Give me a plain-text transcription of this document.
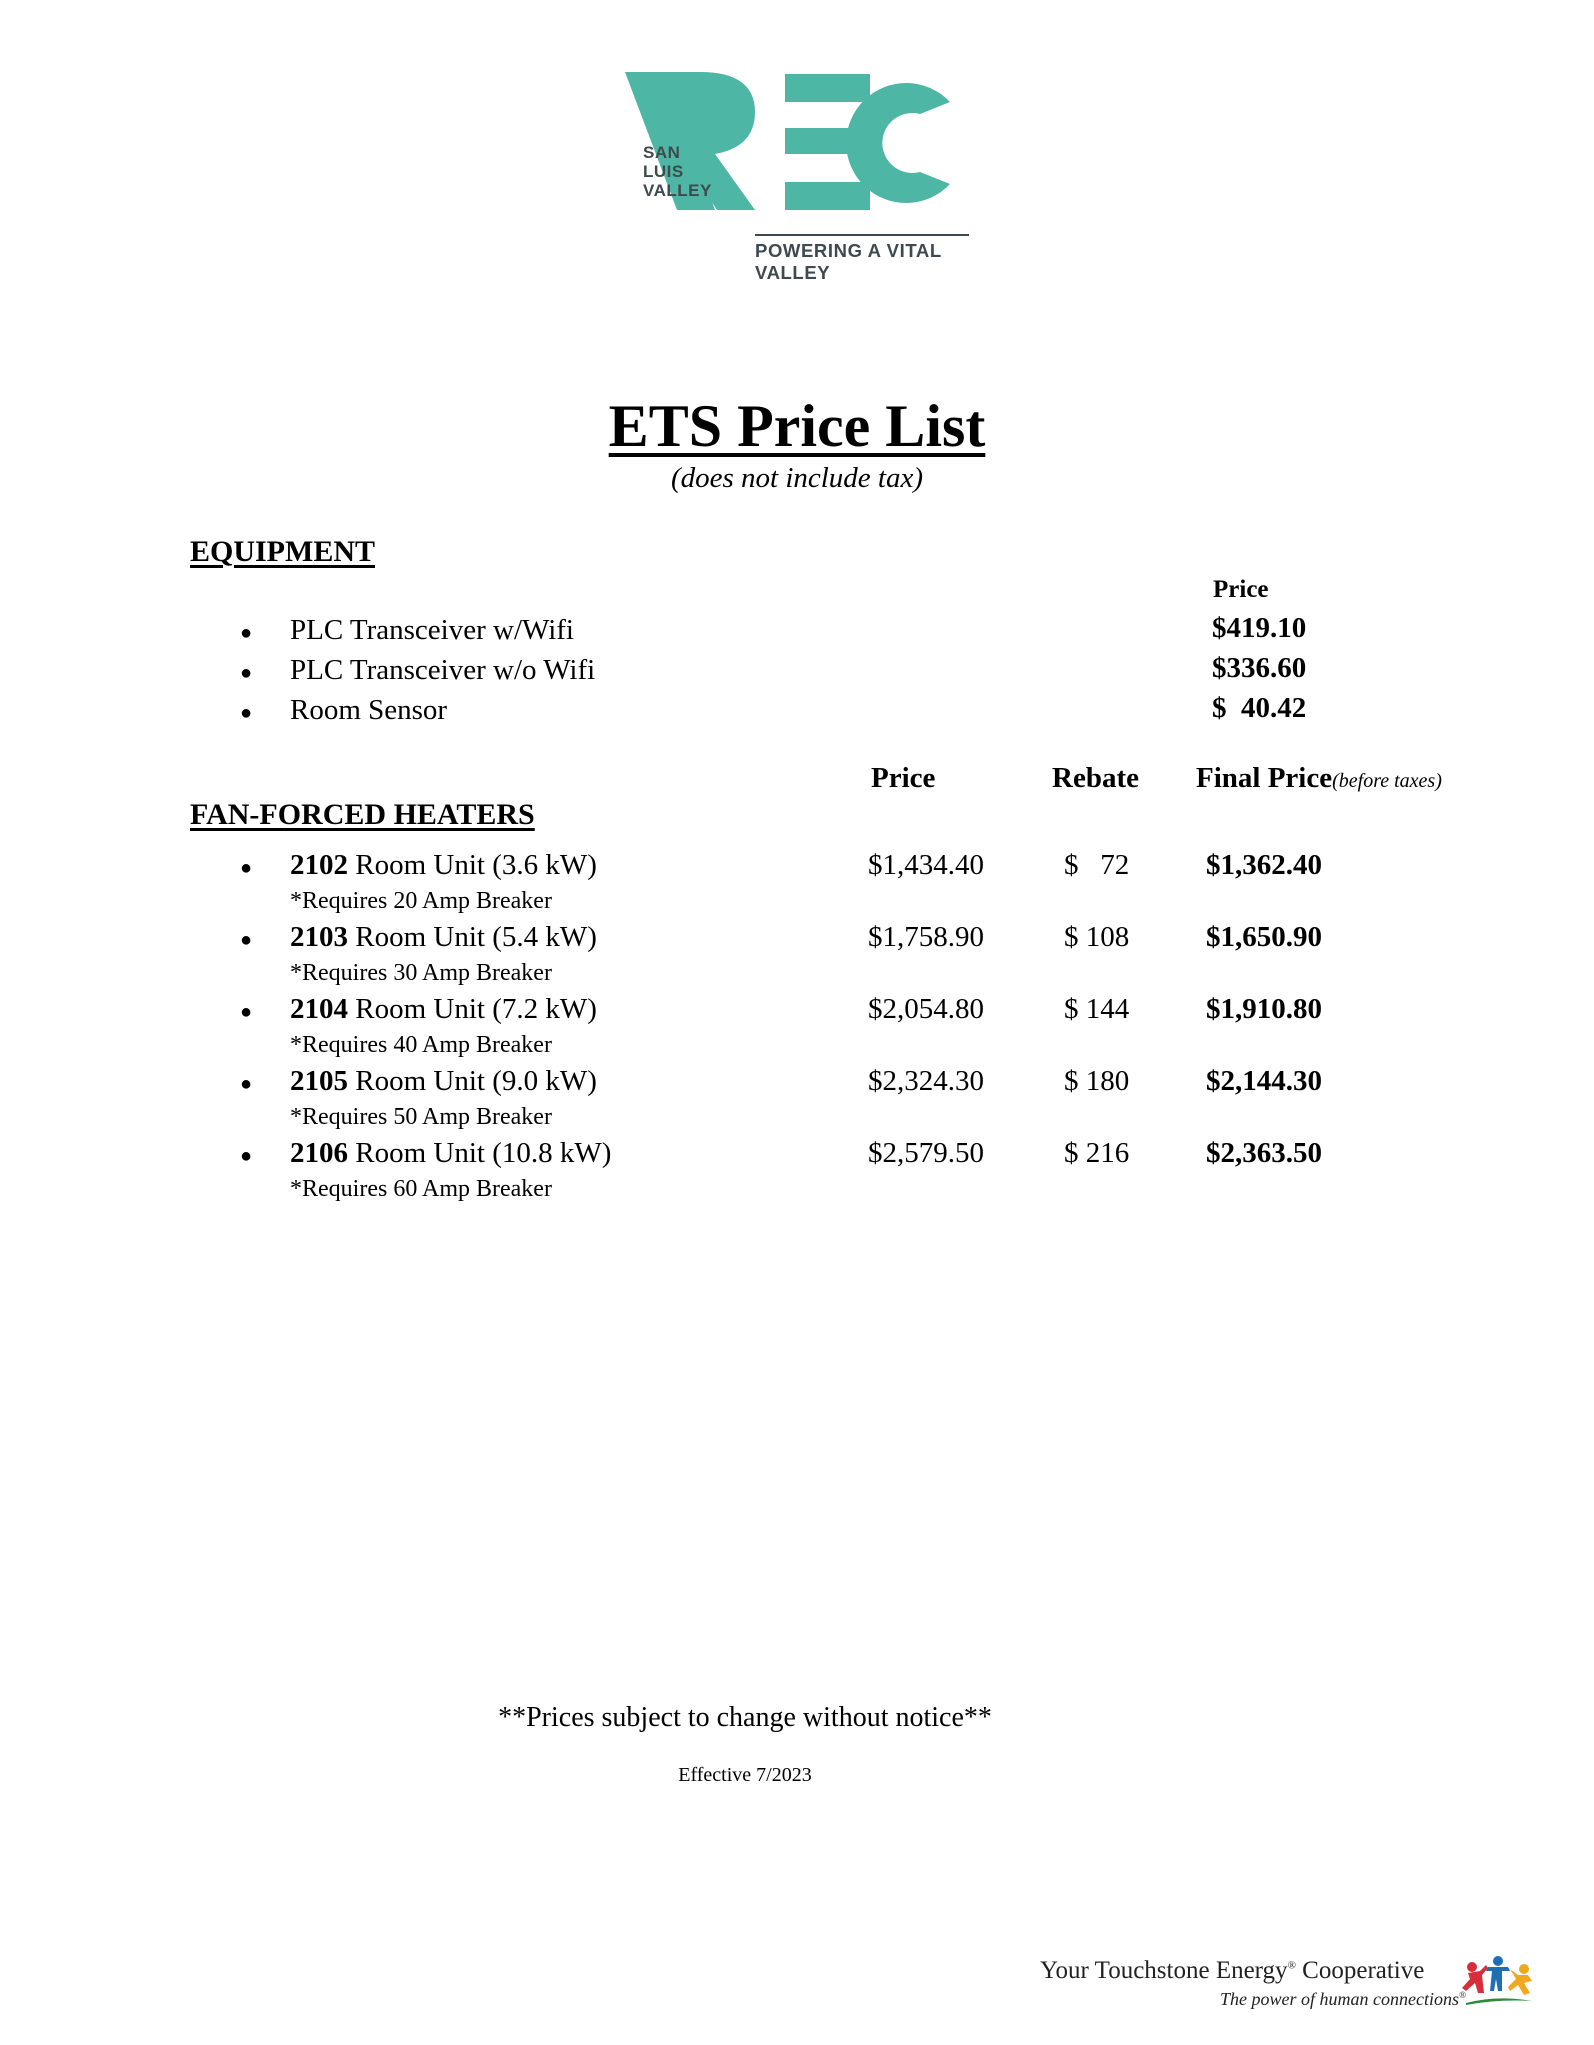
SAN
LUIS
VALLEY
POWERING A VITAL VALLEY
ETS Price List
(does not include tax)
EQUIPMENT
Price
● PLC Transceiver w/Wifi	$419.10
● PLC Transceiver w/o Wifi	$336.60
● Room Sensor	$  40.42
Price	Rebate Final Price(before taxes)
FAN-FORCED HEATERS
● 2102 Room Unit (3.6 kW)
*Requires 20 Amp Breaker
$1,434.40	$   72	$1,362.40
● 2103 Room Unit (5.4 kW)
*Requires 30 Amp Breaker
$1,758.90	$ 108	$1,650.90
● 2104 Room Unit (7.2 kW)
*Requires 40 Amp Breaker
$2,054.80	$ 144	$1,910.80
● 2105 Room Unit (9.0 kW)
*Requires 50 Amp Breaker
$2,324.30	$ 180	$2,144.30
● 2106 Room Unit (10.8 kW)
*Requires 60 Amp Breaker
$2,579.50	$ 216	$2,363.50
**Prices subject to change without notice**
Effective 7/2023
Your Touchstone Energy® Cooperative
The power of human connections®
